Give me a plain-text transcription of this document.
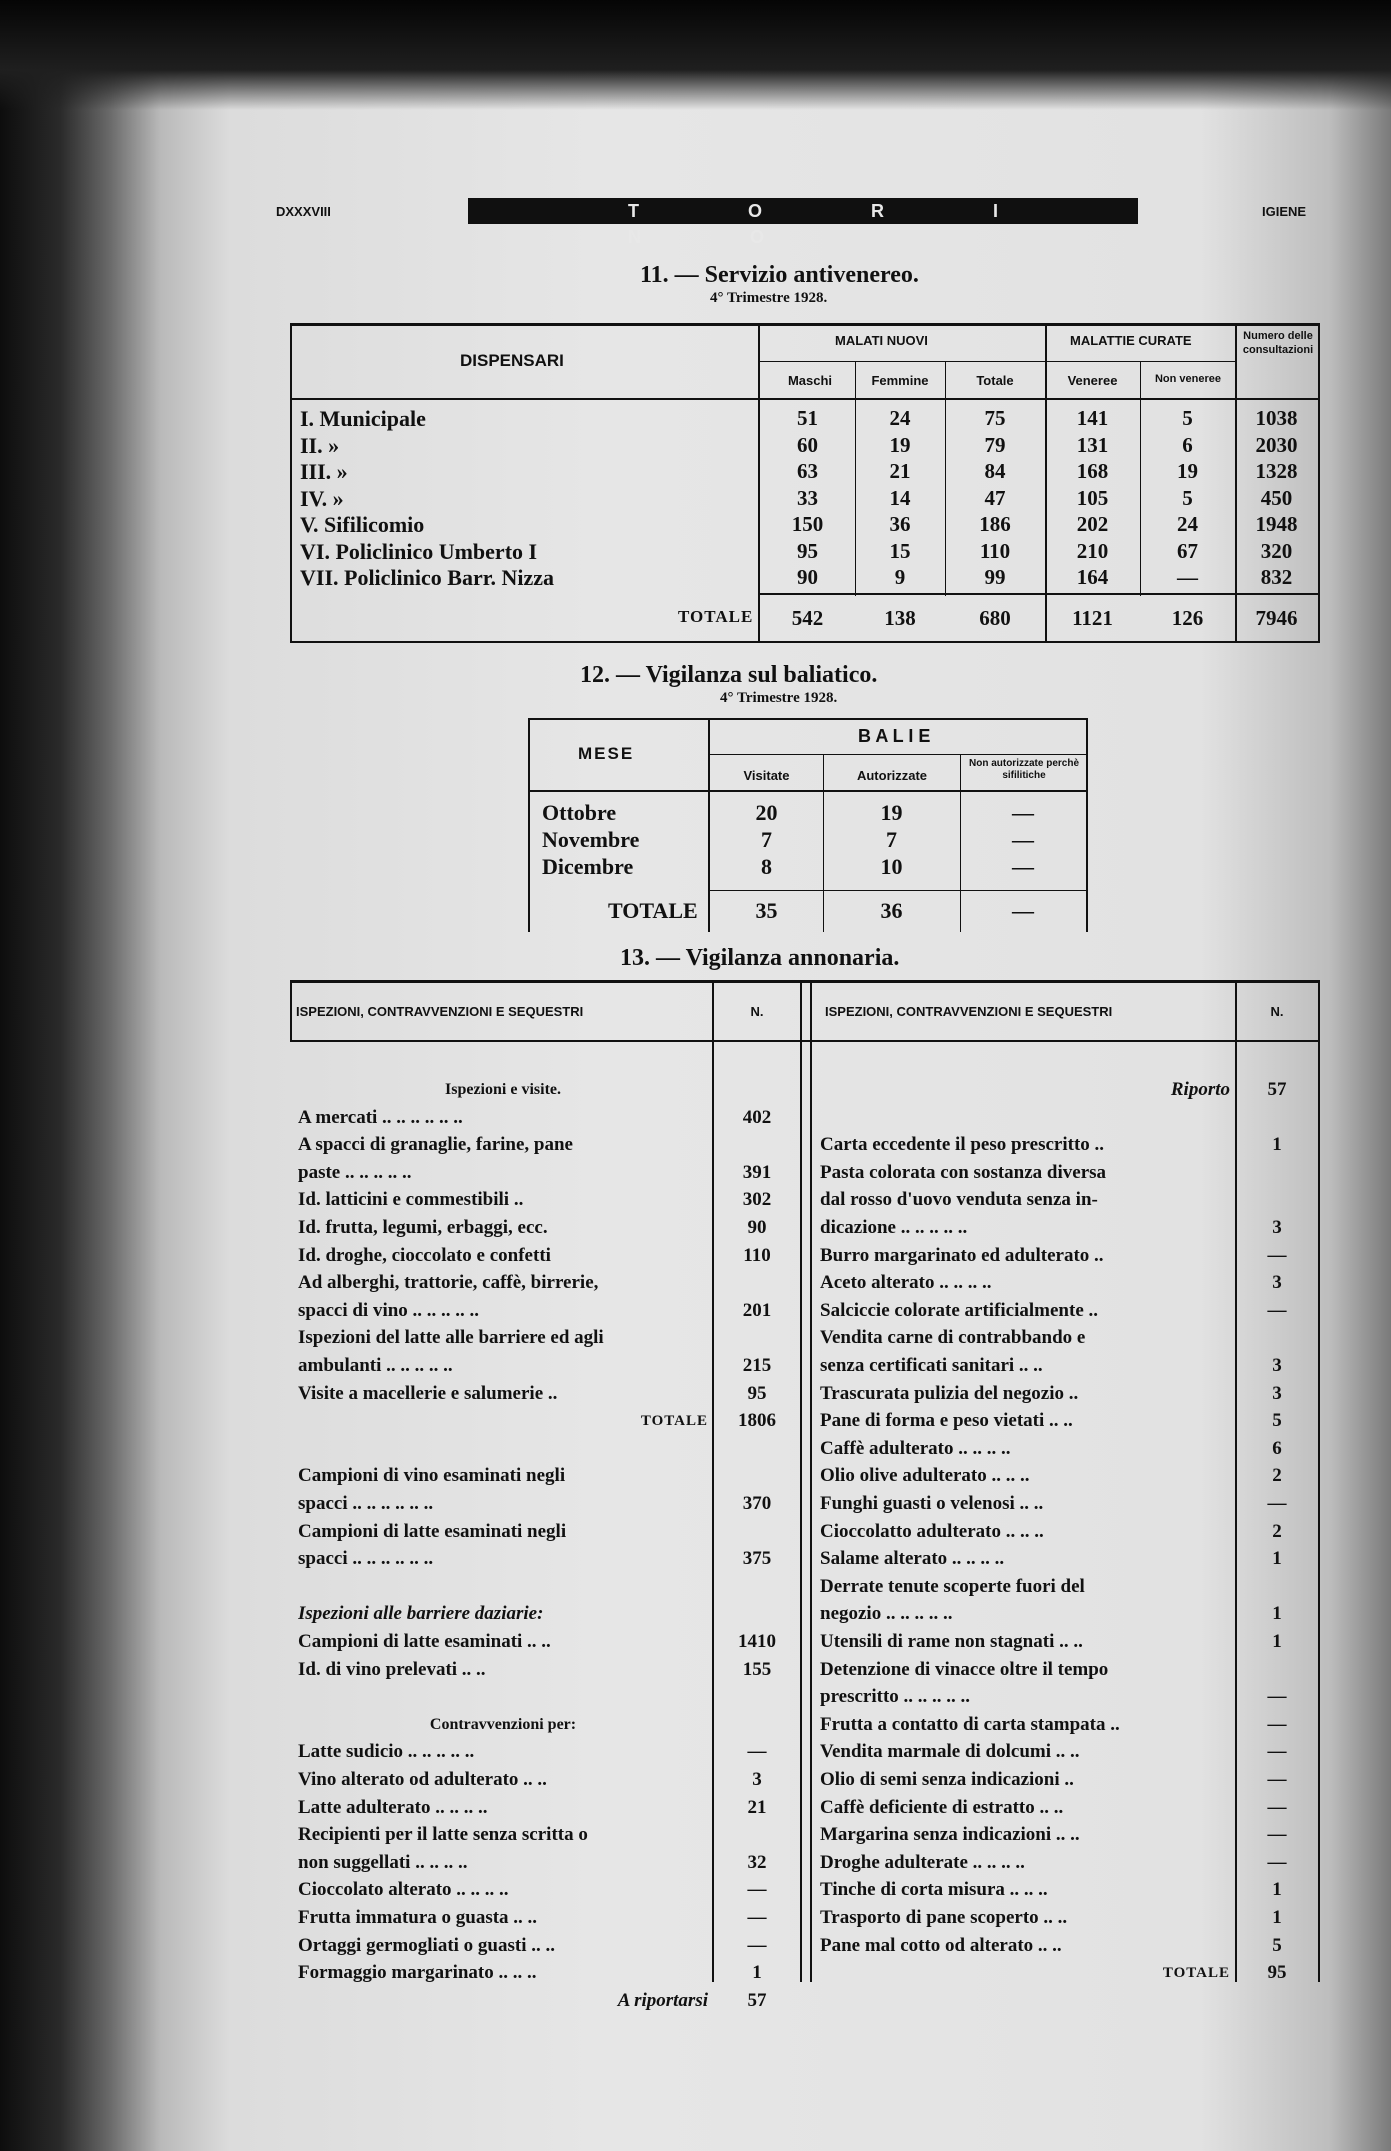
DXXXVIII	T O R I N O
IGIENE
11. — Servizio antivenereo.
4° Trimestre 1928.
DISPENSARI
MALATI NUOVI	MALATTIE CURATE	Numero delle consultazioni
Maschi	Femmine	Totale	Veneree	Non veneree
I. Municipale	51	24	75	141	5	1038
II. »	60	19	79	131	6	2030
III. »	63	21	84	168	19	1328
IV. »	33	14	47	105	5	450
V. Sifilicomio	150	36	186	202	24	1948
VI. Policlinico Umberto I	95	15	110	210	67	320
VII. Policlinico Barr. Nizza	90	9	99	164	—	832
TOTALE	542	138	680	1121	126	7946
12. — Vigilanza sul baliatico.
4° Trimestre 1928.
MESE
B A L I E
Visitate	Autorizzate
Non autorizzate perchè sifilitiche
Ottobre	20	19	—
Novembre	7	7	—
Dicembre	8	10	—
TOTALE	35	36	—
13. — Vigilanza annonaria.
ISPEZIONI, CONTRAVVENZIONI E SEQUESTRI	N.	ISPEZIONI, CONTRAVVENZIONI E SEQUESTRI	N.
Ispezioni e visite.
A mercati .. .. .. .. .. ..	402
A spacci di granaglie, farine, pane
paste .. .. .. .. ..	391
Id. latticini e commestibili ..	302
Id. frutta, legumi, erbaggi, ecc.	90
Id. droghe, cioccolato e confetti	110
Ad alberghi, trattorie, caffè, birrerie,
spacci di vino .. .. .. .. ..	201
Ispezioni del latte alle barriere ed agli
ambulanti .. .. .. .. ..	215
Visite a macellerie e salumerie ..	95
TOTALE	1806
Campioni di vino esaminati negli
spacci .. .. .. .. .. ..	370
Campioni di latte esaminati negli
spacci .. .. .. .. .. ..	375
Ispezioni alle barriere daziarie:
Campioni di latte esaminati .. ..	1410
Id. di vino prelevati .. ..	155
Contravvenzioni per:
Latte sudicio .. .. .. .. ..	—
Vino alterato od adulterato .. ..	3
Latte adulterato .. .. .. ..	21
Recipienti per il latte senza scritta o
non suggellati .. .. .. ..	32
Cioccolato alterato .. .. .. ..	—
Frutta immatura o guasta .. ..	—
Ortaggi germogliati o guasti .. ..	—
Formaggio margarinato .. .. ..	1
A riportarsi	57
Riporto	57
Carta eccedente il peso prescritto ..	1
Pasta colorata con sostanza diversa
dal rosso d'uovo venduta senza in-
dicazione .. .. .. .. ..	3
Burro margarinato ed adulterato ..	—
Aceto alterato .. .. .. ..	3
Salciccie colorate artificialmente ..	—
Vendita carne di contrabbando e
senza certificati sanitari .. ..	3
Trascurata pulizia del negozio ..	3
Pane di forma e peso vietati .. ..	5
Caffè adulterato .. .. .. ..	6
Olio olive adulterato .. .. ..	2
Funghi guasti o velenosi .. ..	—
Cioccolatto adulterato .. .. ..	2
Salame alterato .. .. .. ..	1
Derrate tenute scoperte fuori del
negozio .. .. .. .. ..	1
Utensili di rame non stagnati .. ..	1
Detenzione di vinacce oltre il tempo
prescritto .. .. .. .. ..	—
Frutta a contatto di carta stampata ..	—
Vendita marmale di dolcumi .. ..	—
Olio di semi senza indicazioni ..	—
Caffè deficiente di estratto .. ..	—
Margarina senza indicazioni .. ..	—
Droghe adulterate .. .. .. ..	—
Tinche di corta misura .. .. ..	1
Trasporto di pane scoperto .. ..	1
Pane mal cotto od alterato .. ..	5
TOTALE	95
